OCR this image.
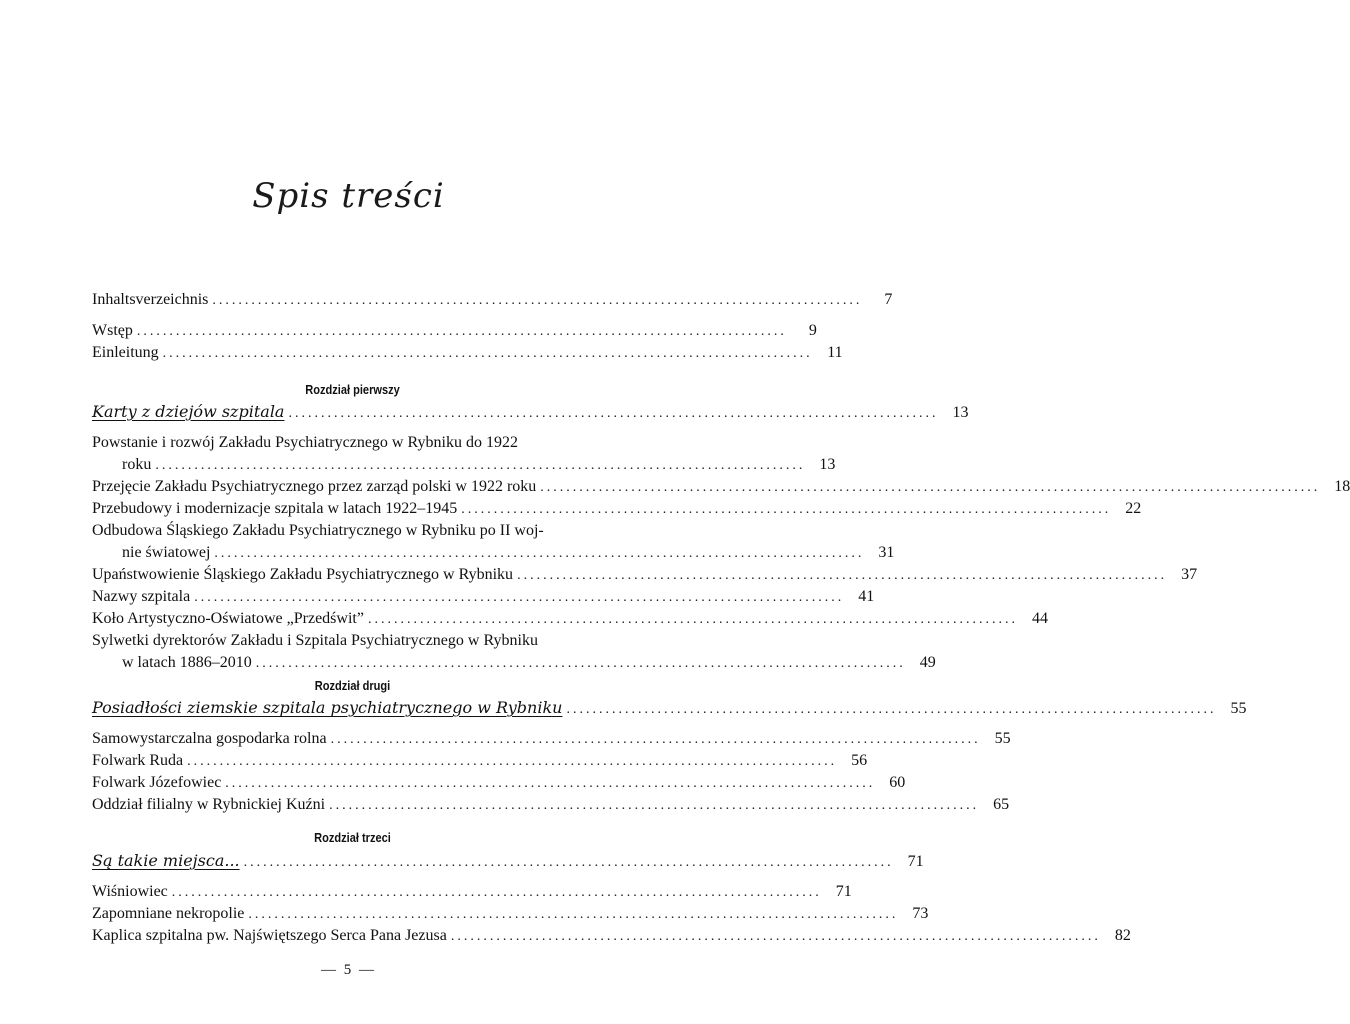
Spis treści
Inhaltsverzeichnis ....................................................................................................	7
Wstęp ....................................................................................................	9
Einleitung .................................................................................................... 11
Rozdział pierwszy
Karty z dziejów szpitala .................................................................................................... 13
Powstanie i rozwój Zakładu Psychiatrycznego w Rybniku do 1922
roku .................................................................................................... 13
Przejęcie Zakładu Psychiatrycznego przez zarząd polski w 1922 roku ........................................................................................................................ 18
Przebudowy i modernizacje szpitala w latach 1922–1945 .................................................................................................... 22
Odbudowa Śląskiego Zakładu Psychiatrycznego w Rybniku po II woj-
nie światowej .................................................................................................... 31
Upaństwowienie Śląskiego Zakładu Psychiatrycznego w Rybniku .................................................................................................... 37
Nazwy szpitala .................................................................................................... 41
Koło Artystyczno-Oświatowe „Przedświt” .................................................................................................... 44
Sylwetki dyrektorów Zakładu i Szpitala Psychiatrycznego w Rybniku
w latach 1886–2010 .................................................................................................... 49
Rozdział drugi
Posiadłości ziemskie szpitala psychiatrycznego w Rybniku .................................................................................................... 55
Samowystarczalna gospodarka rolna .................................................................................................... 55
Folwark Ruda .................................................................................................... 56
Folwark Józefowiec .................................................................................................... 60
Oddział filialny w Rybnickiej Kuźni .................................................................................................... 65
Rozdział trzeci
Są takie miejsca... .................................................................................................... 71
Wiśniowiec .................................................................................................... 71
Zapomniane nekropolie .................................................................................................... 73
Kaplica szpitalna pw. Najświętszego Serca Pana Jezusa .................................................................................................... 82
— 5 —
